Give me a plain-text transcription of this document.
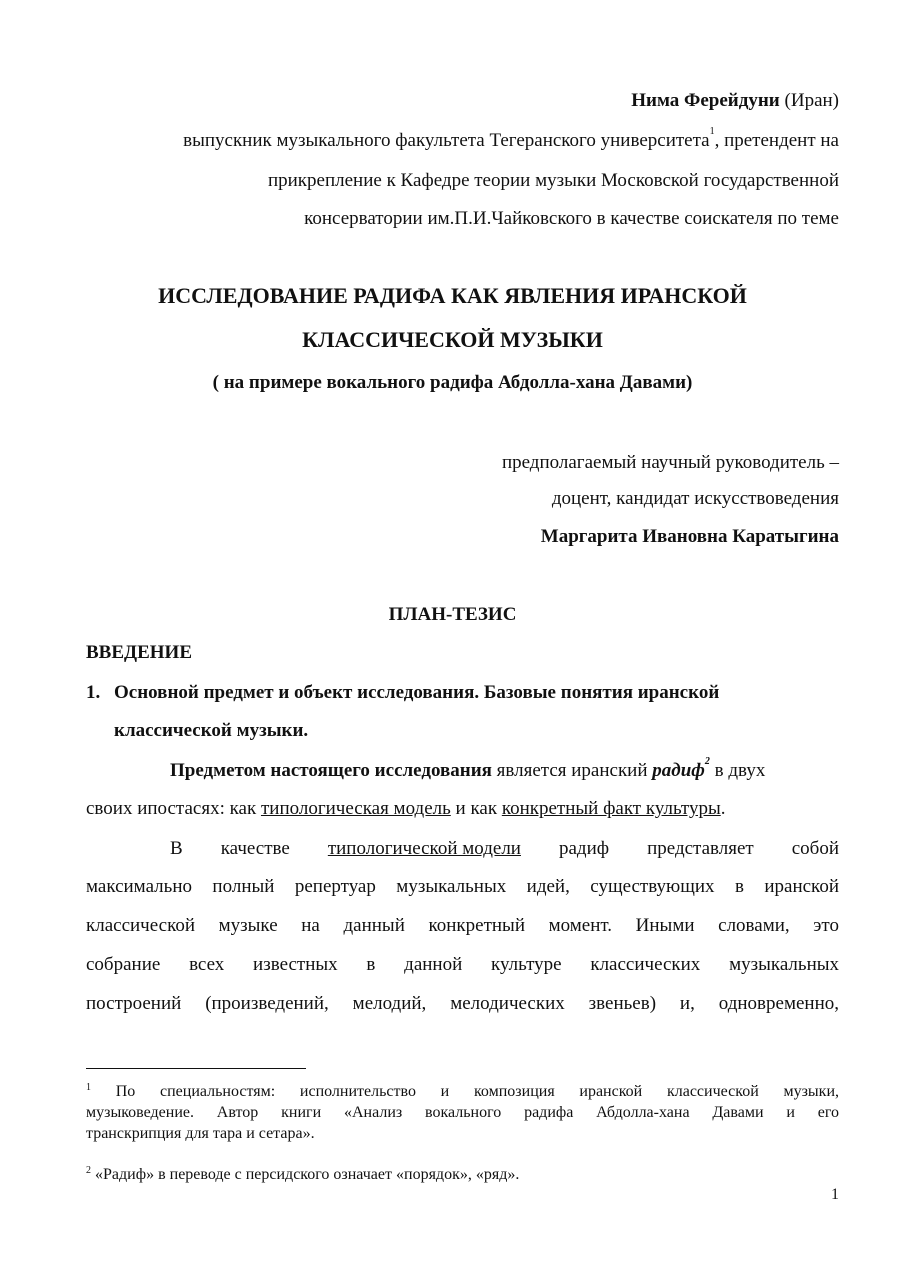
Нима Ферейдуни (Иран)
выпускник музыкального факультета Тегеранского университета$^1$, претендент на
прикрепление к Кафедре теории музыки Московской государственной
консерватории им.П.И.Чайковского в качестве соискателя по теме
ИССЛЕДОВАНИЕ РАДИФА КАК ЯВЛЕНИЯ ИРАНСКОЙ
КЛАССИЧЕСКОЙ МУЗЫКИ
( на примере вокального радифа Абдолла-хана Давами)
предполагаемый научный руководитель –
доцент, кандидат искусствоведения
Маргарита Ивановна Каратыгина
ПЛАН-ТЕЗИС
ВВЕДЕНИЕ
1. Основной предмет и объект исследования. Базовые понятия иранской
классической музыки.
Предметом настоящего исследования является иранский радиф$^2$ в двух
своих ипостасях: как типологическая модель и как конкретный факт культуры.
В качестве типологической модели радиф представляет собой
максимально полный репертуар музыкальных идей, существующих в иранской
классической музыке на данный конкретный момент. Иными словами, это
собрание всех известных в данной культуре классических музыкальных
построений (произведений, мелодий, мелодических звеньев) и, одновременно,
$^1$ По специальностям: исполнительство и композиция иранской классической музыки,
музыковедение. Автор книги «Анализ вокального радифа Абдолла-хана Давами и его
транскрипция для тара и сетара».
$^2$ «Радиф» в переводе с персидского означает «порядок», «ряд».
1
